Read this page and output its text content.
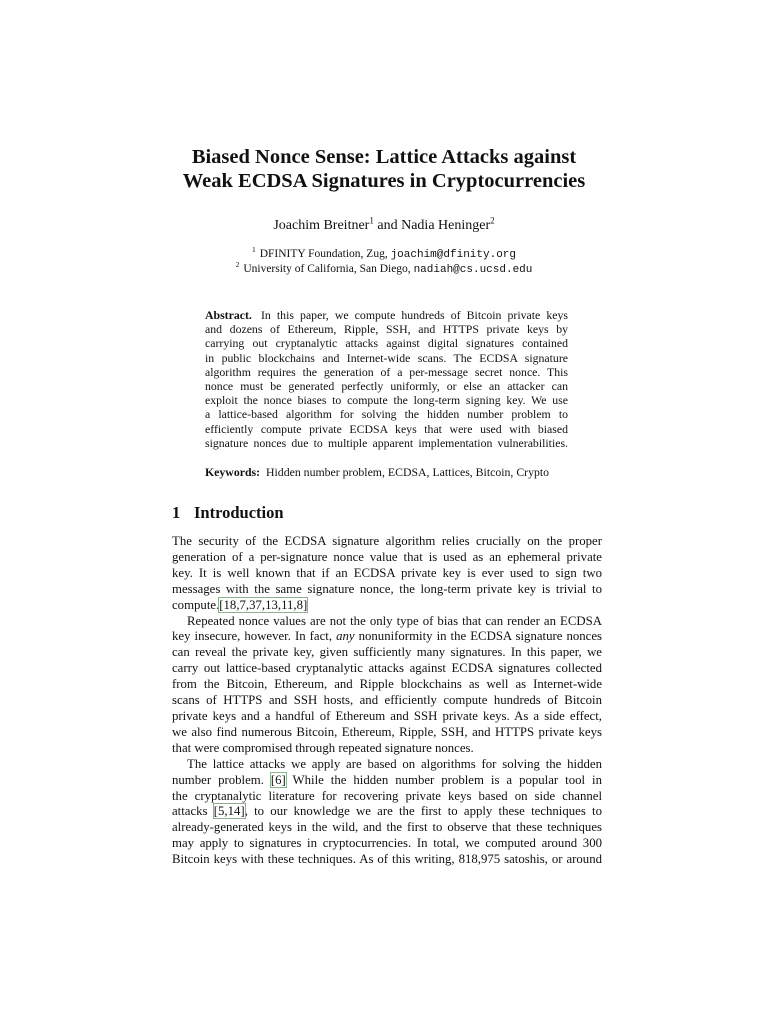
Biased Nonce Sense: Lattice Attacks against
Weak ECDSA Signatures in Cryptocurrencies
Joachim Breitner$^1$ and Nadia Heninger$^2$
$^1$ DFINITY Foundation, Zug, joachim@dfinity.org
$^2$ University of California, San Diego, nadiah@cs.ucsd.edu
Abstract. In this paper, we compute hundreds of Bitcoin private keys
and dozens of Ethereum, Ripple, SSH, and HTTPS private keys by
carrying out cryptanalytic attacks against digital signatures contained
in public blockchains and Internet-wide scans. The ECDSA signature
algorithm requires the generation of a per-message secret nonce. This
nonce must be generated perfectly uniformly, or else an attacker can
exploit the nonce biases to compute the long-term signing key. We use
a lattice-based algorithm for solving the hidden number problem to
efficiently compute private ECDSA keys that were used with biased
signature nonces due to multiple apparent implementation vulnerabilities.
Keywords: Hidden number problem, ECDSA, Lattices, Bitcoin, Crypto
1 Introduction
The security of the ECDSA signature algorithm relies crucially on the proper
generation of a per-signature nonce value that is used as an ephemeral private
key. It is well known that if an ECDSA private key is ever used to sign two
messages with the same signature nonce, the long-term private key is trivial to
compute.[18,7,37,13,11,8]
Repeated nonce values are not the only type of bias that can render an ECDSA
key insecure, however. In fact, any nonuniformity in the ECDSA signature nonces
can reveal the private key, given sufficiently many signatures. In this paper, we
carry out lattice-based cryptanalytic attacks against ECDSA signatures collected
from the Bitcoin, Ethereum, and Ripple blockchains as well as Internet-wide
scans of HTTPS and SSH hosts, and efficiently compute hundreds of Bitcoin
private keys and a handful of Ethereum and SSH private keys. As a side effect,
we also find numerous Bitcoin, Ethereum, Ripple, SSH, and HTTPS private keys
that were compromised through repeated signature nonces.
The lattice attacks we apply are based on algorithms for solving the hidden
number problem. [6] While the hidden number problem is a popular tool in
the cryptanalytic literature for recovering private keys based on side channel
attacks [5,14], to our knowledge we are the first to apply these techniques to
already-generated keys in the wild, and the first to observe that these techniques
may apply to signatures in cryptocurrencies. In total, we computed around 300
Bitcoin keys with these techniques. As of this writing, 818,975 satoshis, or around
